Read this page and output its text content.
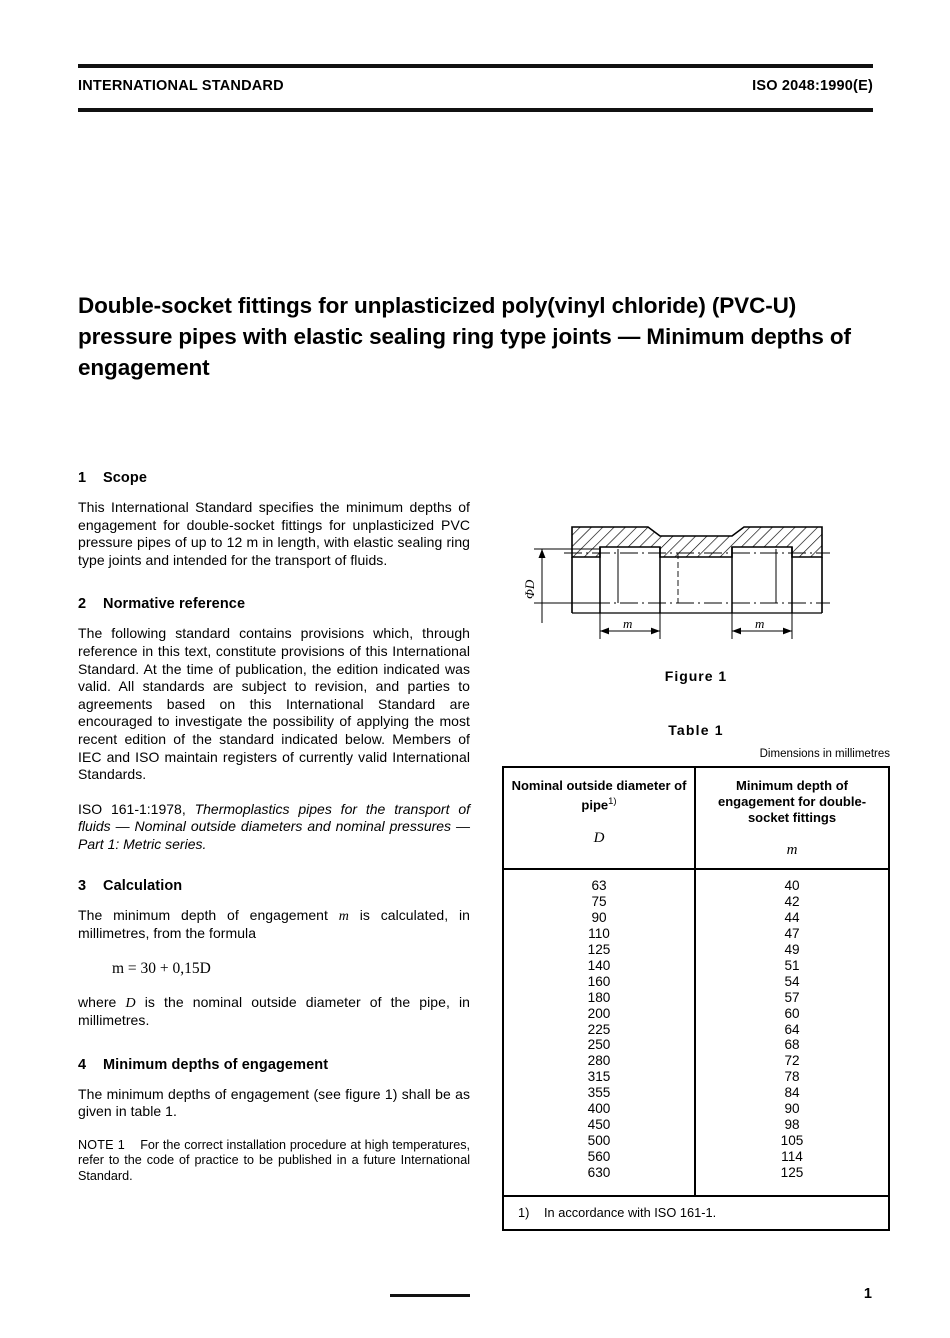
INTERNATIONAL STANDARD	ISO 2048:1990(E)
Double-socket fittings for unplasticized poly(vinyl chloride) (PVC-U) pressure pipes with elastic sealing ring type joints — Minimum depths of engagement
1 Scope

This International Standard specifies the minimum depths of engagement for double-socket fittings for unplasticized PVC pressure pipes of up to 12 m in length, with elastic sealing ring type joints and intended for the transport of fluids.

2 Normative reference

The following standard contains provisions which, through reference in this text, constitute provisions of this International Standard. At the time of publication, the edition indicated was valid. All standards are subject to revision, and parties to agreements based on this International Standard are encouraged to investigate the possibility of applying the most recent edition of the standard indicated below. Members of IEC and ISO maintain registers of currently valid International Standards.

ISO 161-1:1978, Thermoplastics pipes for the transport of fluids — Nominal outside diameters and nominal pressures — Part 1: Metric series.

3 Calculation

The minimum depth of engagement m is calculated, in millimetres, from the formula

m = 30 + 0,15D

where D is the nominal outside diameter of the pipe, in millimetres.

4 Minimum depths of engagement

The minimum depths of engagement (see figure 1) shall be as given in table 1.

NOTE 1 For the correct installation procedure at high temperatures, refer to the code of practice to be published in a future International Standard.

ΦD
m	m
Figure 1
Table 1
Dimensions in millimetres
Nominal outside diameter of pipe$^{1)}$
D
Minimum depth of engagement for double-socket fittings
m
63
75
90
110
125
140
160
180
200
225
250
280
315
355
400
450
500
560
630
40
42
44
47
49
51
54
57
60
64
68
72
78
84
90
98
105
114
125
1) In accordance with ISO 161-1.
1
